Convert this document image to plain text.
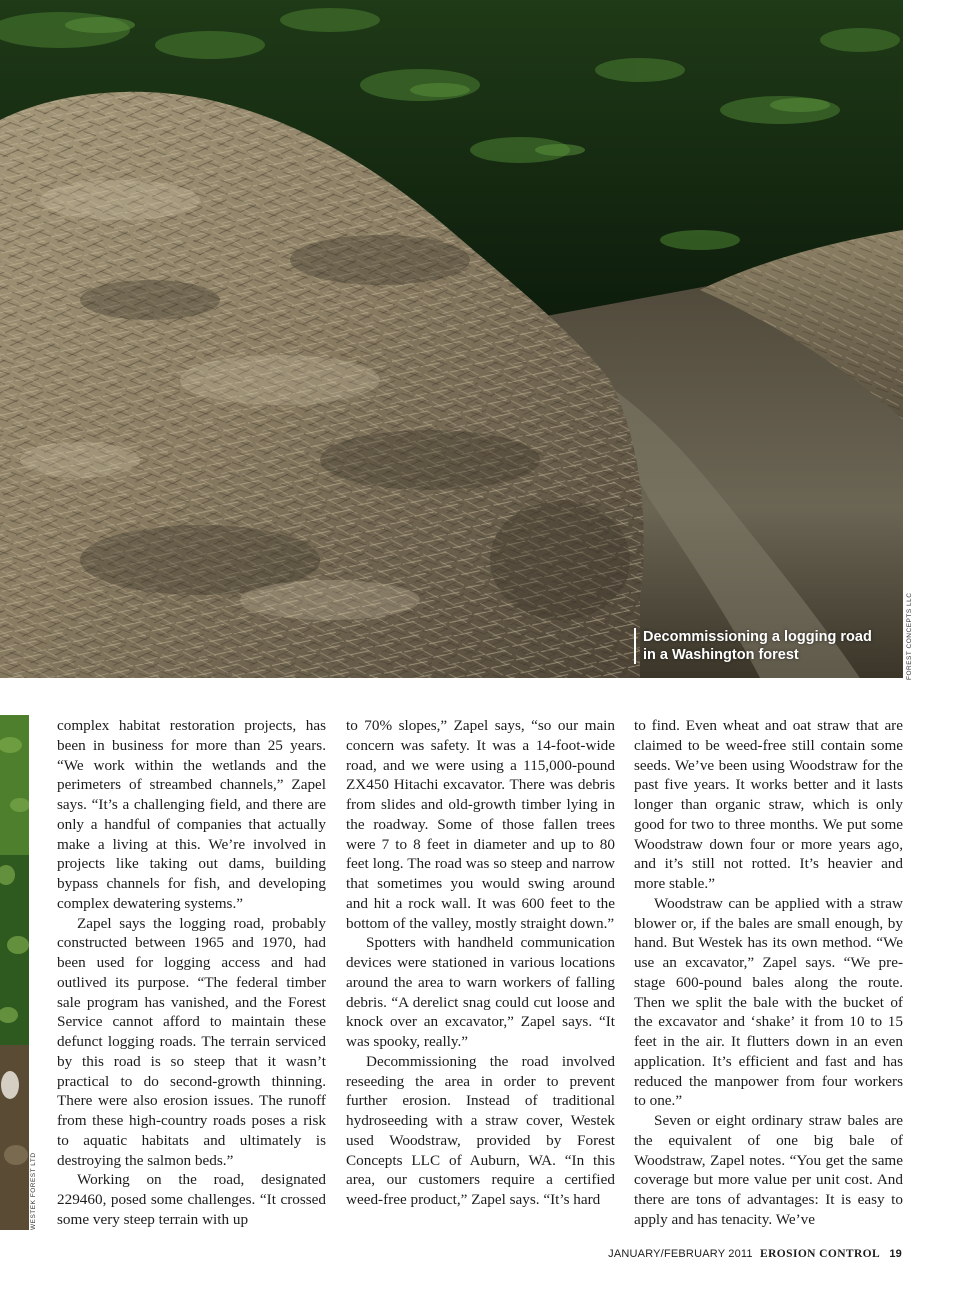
Decommissioning a logging road
in a Washington forest	FOREST CONCEPTS LLC
WESTEK FOREST LTD

complex habitat restoration projects, has been in business for more than 25 years. “We work within the wetlands and the perimeters of streambed channels,” Zapel says. “It’s a challenging field, and there are only a handful of companies that actually make a living at this. We’re involved in projects like taking out dams, building bypass channels for fish, and developing complex dewatering systems.”

Zapel says the logging road, probably constructed between 1965 and 1970, had been used for logging access and had outlived its purpose. “The federal timber sale program has vanished, and the Forest Service cannot afford to maintain these defunct logging roads. The terrain serviced by this road is so steep that it wasn’t practical to do second-growth thinning. There were also erosion issues. The runoff from these high-country roads poses a risk to aquatic habitats and ultimately is destroying the salmon beds.”

Working on the road, designated 229460, posed some challenges. “It crossed some very steep terrain with up

to 70% slopes,” Zapel says, “so our main concern was safety. It was a 14-foot-wide road, and we were using a 115,000-pound ZX450 Hitachi excavator. There was debris from slides and old-growth timber lying in the roadway. Some of those fallen trees were 7 to 8 feet in diameter and up to 80 feet long. The road was so steep and narrow that sometimes you would swing around and hit a rock wall. It was 600 feet to the bottom of the valley, mostly straight down.”

Spotters with handheld communication devices were stationed in various locations around the area to warn workers of falling debris. “A derelict snag could cut loose and knock over an excavator,” Zapel says. “It was spooky, really.”

Decommissioning the road involved reseeding the area in order to prevent further erosion. Instead of traditional hydroseeding with a straw cover, Westek used Woodstraw, provided by Forest Concepts LLC of Auburn, WA. “In this area, our customers require a certified weed-free product,” Zapel says. “It’s hard

to find. Even wheat and oat straw that are claimed to be weed-free still contain some seeds. We’ve been using Woodstraw for the past five years. It works better and it lasts longer than organic straw, which is only good for two to three months. We put some Woodstraw down four or more years ago, and it’s still not rotted. It’s heavier and more stable.”

Woodstraw can be applied with a straw blower or, if the bales are small enough, by hand. But Westek has its own method. “We use an excavator,” Zapel says. “We pre-stage 600-pound bales along the route. Then we split the bale with the bucket of the excavator and ‘shake’ it from 10 to 15 feet in the air. It flutters down in an even application. It’s efficient and fast and has reduced the manpower from four workers to one.”

Seven or eight ordinary straw bales are the equivalent of one big bale of Woodstraw, Zapel notes. “You get the same coverage but more value per unit cost. And there are tons of advantages: It is easy to apply and has tenacity. We’ve

JANUARY/FEBRUARY 2011 EROSION CONTROL 19
